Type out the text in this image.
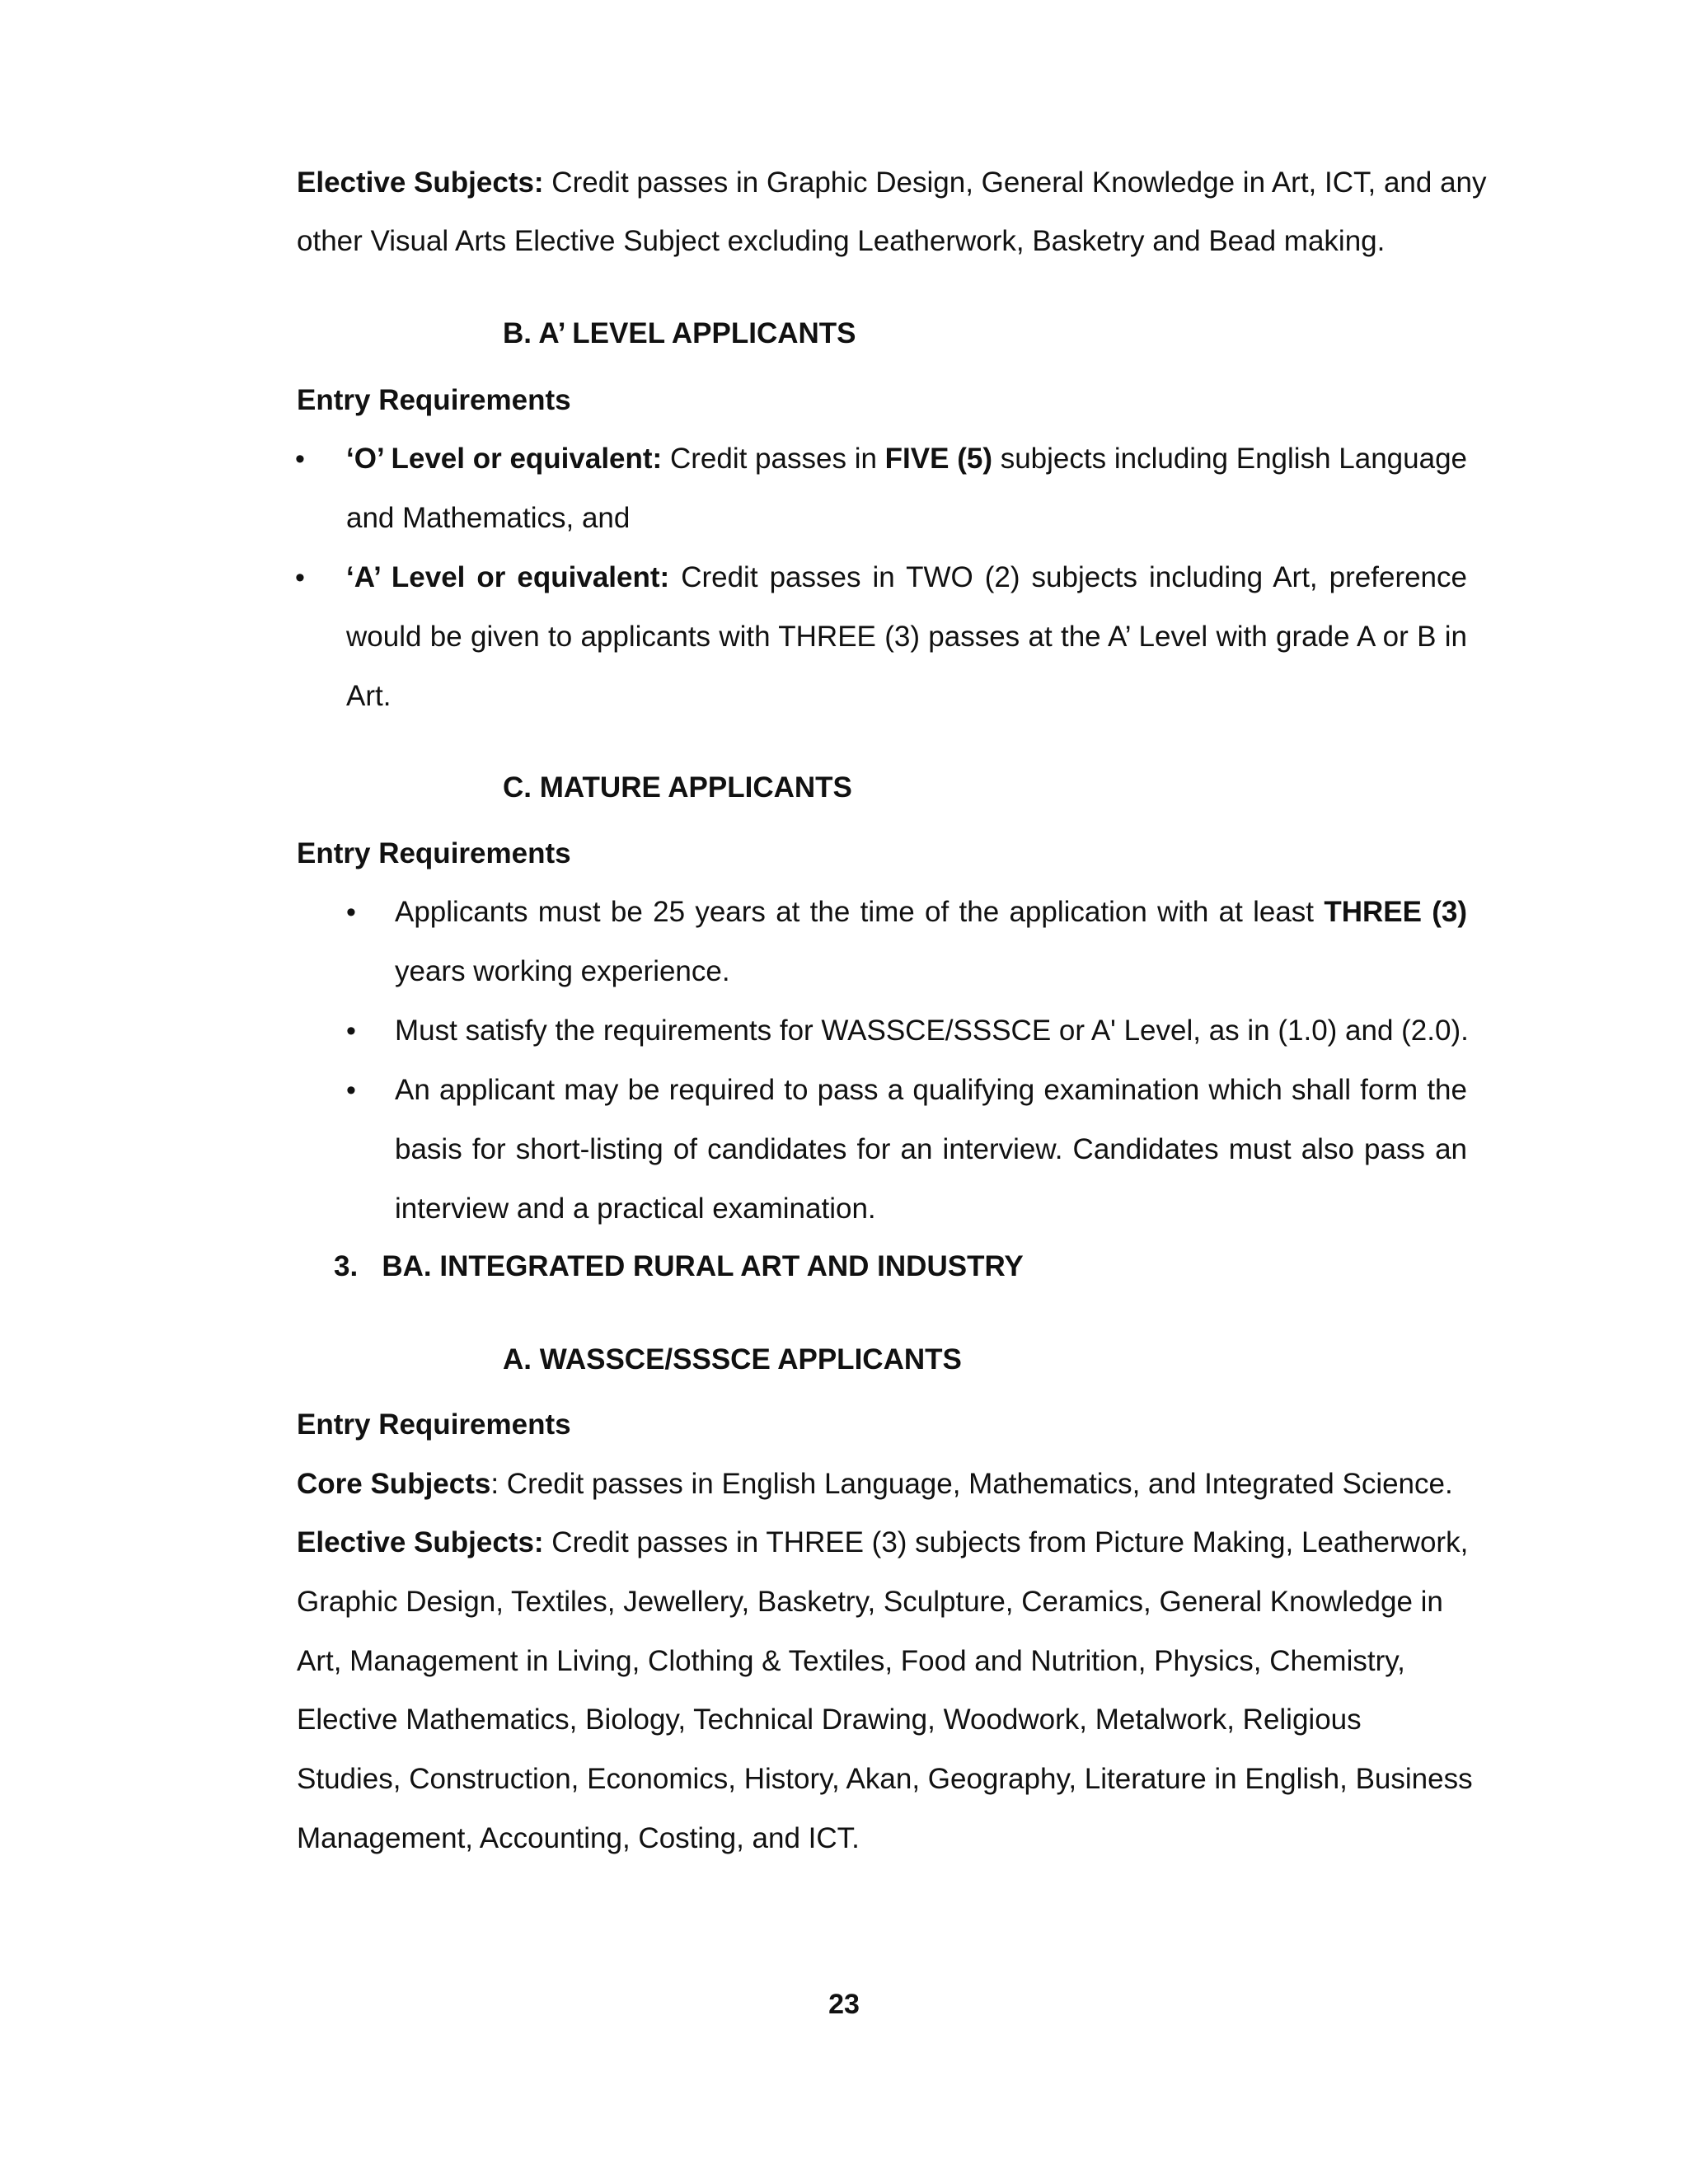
Elective Subjects: Credit passes in Graphic Design, General Knowledge in Art, ICT, and any
other Visual Arts Elective Subject excluding Leatherwork, Basketry and Bead making.
B. A’ LEVEL APPLICANTS
Entry Requirements
• ‘O’ Level or equivalent: Credit passes in FIVE (5) subjects including English Language
and Mathematics, and
• ‘A’ Level or equivalent: Credit passes in TWO (2) subjects including Art, preference
would be given to applicants with THREE (3) passes at the A’ Level with grade A or B in
Art.
C. MATURE APPLICANTS
Entry Requirements
• Applicants must be 25 years at the time of the application with at least THREE (3)
years working experience.
• Must satisfy the requirements for WASSCE/SSSCE or A' Level, as in (1.0) and (2.0).
• An applicant may be required to pass a qualifying examination which shall form the
basis for short-listing of candidates for an interview. Candidates must also pass an
interview and a practical examination.
3.   BA. INTEGRATED RURAL ART AND INDUSTRY
A. WASSCE/SSSCE APPLICANTS
Entry Requirements
Core Subjects: Credit passes in English Language, Mathematics, and Integrated Science.
Elective Subjects: Credit passes in THREE (3) subjects from Picture Making, Leatherwork,
Graphic Design, Textiles, Jewellery, Basketry, Sculpture, Ceramics, General Knowledge in
Art, Management in Living, Clothing & Textiles, Food and Nutrition, Physics, Chemistry,
Elective Mathematics, Biology, Technical Drawing, Woodwork, Metalwork, Religious
Studies, Construction, Economics, History, Akan, Geography, Literature in English, Business
Management, Accounting, Costing, and ICT.
23
